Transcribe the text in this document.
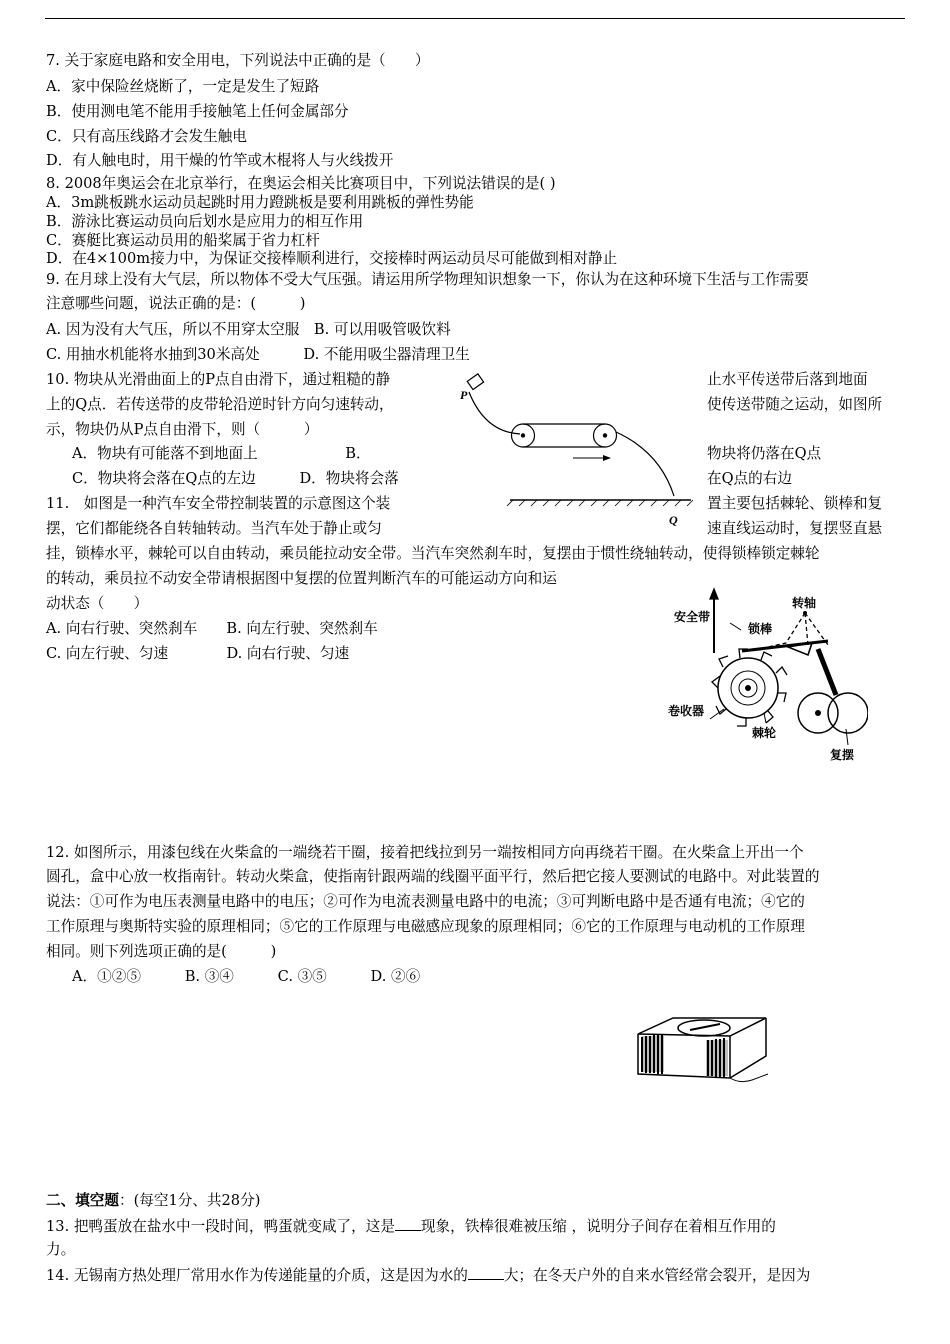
7. 关于家庭电路和安全用电，下列说法中正确的是（　　）
A．家中保险丝烧断了，一定是发生了短路
B．使用测电笔不能用手接触笔上任何金属部分
C．只有高压线路才会发生触电
D．有人触电时，用干燥的竹竿或木棍将人与火线拨开
8. 2008年奥运会在北京举行，在奥运会相关比赛项目中，下列说法错误的是( )
A．3m跳板跳水运动员起跳时用力蹬跳板是要利用跳板的弹性势能
B．游泳比赛运动员向后划水是应用力的相互作用
C．赛艇比赛运动员用的船桨属于省力杠杆
D．在4×100m接力中，为保证交接棒顺利进行，交接棒时两运动员尽可能做到相对静止
9. 在月球上没有大气层，所以物体不受大气压强。请运用所学物理知识想象一下，你认为在这种环境下生活与工作需要
注意哪些问题，说法正确的是：(　　　)
A. 因为没有大气压，所以不用穿太空服　B. 可以用吸管吸饮料
C. 用抽水机能将水抽到30米高处　　　D. 不能用吸尘器清理卫生
10. 物块从光滑曲面上的P点自由滑下，通过粗糙的静	止水平传送带后落到地面
上的Q点．若传送带的皮带轮沿逆时针方向匀速转动，	使传送带随之运动，如图所
示，物块仍从P点自由滑下，则（　　　）
A．物块有可能落不到地面上　　　　　　B．	物块将仍落在Q点
C．物块将会落在Q点的左边　　　D．物块将会落	在Q点的右边
P
Q
11.　如图是一种汽车安全带控制装置的示意图这个装	置主要包括棘轮、锁棒和复
摆，它们都能绕各自转轴转动。当汽车处于静止或匀	速直线运动时，复摆竖直悬
挂，锁棒水平，棘轮可以自由转动，乘员能拉动安全带。当汽车突然刹车时，复摆由于惯性绕轴转动，使得锁棒锁定棘轮
的转动，乘员拉不动安全带请根据图中复摆的位置判断汽车的可能运动方向和运
动状态（　　）
A. 向右行驶、突然刹车　　B. 向左行驶、突然刹车
C. 向左行驶、匀速　　　　D. 向右行驶、匀速
安全带
转轴
锁棒
卷收器
棘轮
复摆
12. 如图所示，用漆包线在火柴盒的一端绕若干圈，接着把线拉到另一端按相同方向再绕若干圈。在火柴盒上开出一个
圆孔，盒中心放一枚指南针。转动火柴盒，使指南针跟两端的线圈平面平行，然后把它接人要测试的电路中。对此装置的
说法：①可作为电压表测量电路中的电压；②可作为电流表测量电路中的电流；③可判断电路中是否通有电流；④它的
工作原理与奥斯特实验的原理相同；⑤它的工作原理与电磁感应现象的原理相同；⑥它的工作原理与电动机的工作原理
相同。则下列选项正确的是(　　　)
A．①②⑤　　　B. ③④　　　C. ③⑤　　　D. ②⑥
二、填空题：(每空1分、共28分)
13. 把鸭蛋放在盐水中一段时间，鸭蛋就变咸了，这是 现象，铁棒很难被压缩 ，说明分子间存在着相互作用的
力。
14. 无锡南方热处理厂常用水作为传递能量的介质，这是因为水的 大；在冬天户外的自来水管经常会裂开，是因为
